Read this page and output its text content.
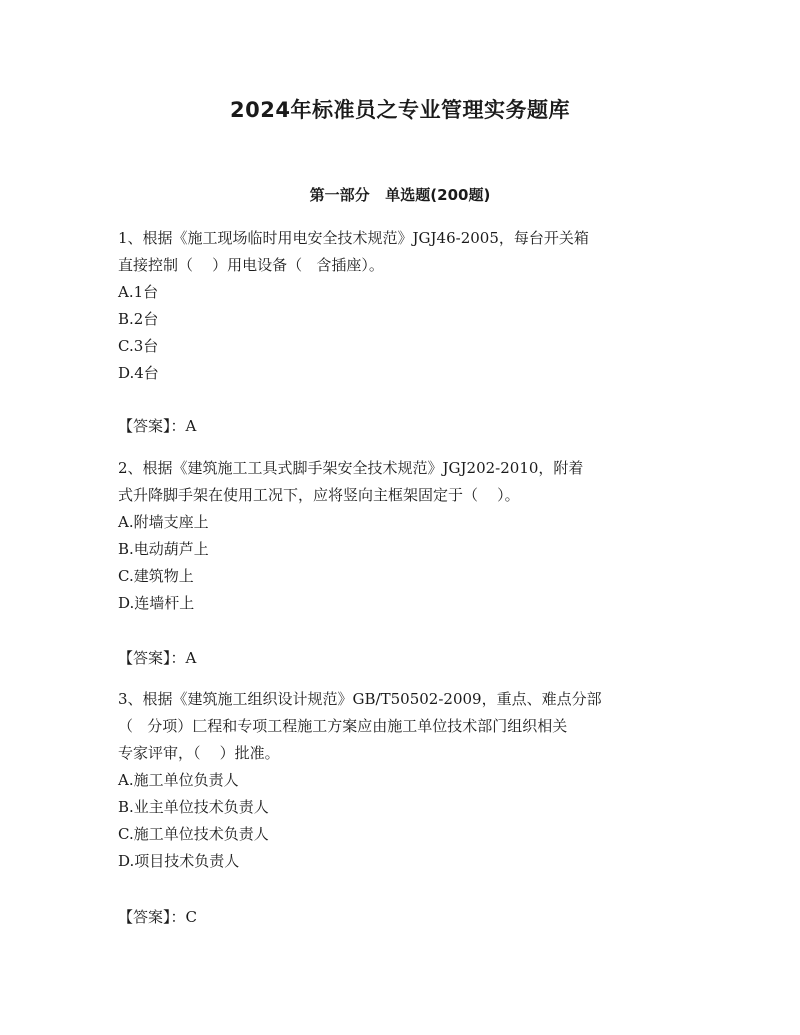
2024年标准员之专业管理实务题库
第一部分   单选题(200题)
1、根据《施工现场临时用电安全技术规范》JGJ46-2005，每台开关箱
直接控制（    ）用电设备（   含插座）。
A.1台
B.2台
C.3台
D.4台
【答案】：A
2、根据《建筑施工工具式脚手架安全技术规范》JGJ202-2010，附着
式升降脚手架在使用工况下，应将竖向主框架固定于（    ）。
A.附墙支座上
B.电动葫芦上
C.建筑物上
D.连墙杆上
【答案】：A
3、根据《建筑施工组织设计规范》GB/T50502-2009，重点、难点分部
（   分项）匚程和专项工程施工方案应由施工单位技术部门组织相关
专家评审，（    ）批准。
A.施工单位负责人
B.业主单位技术负责人
C.施工单位技术负责人
D.项目技术负责人
【答案】：C
